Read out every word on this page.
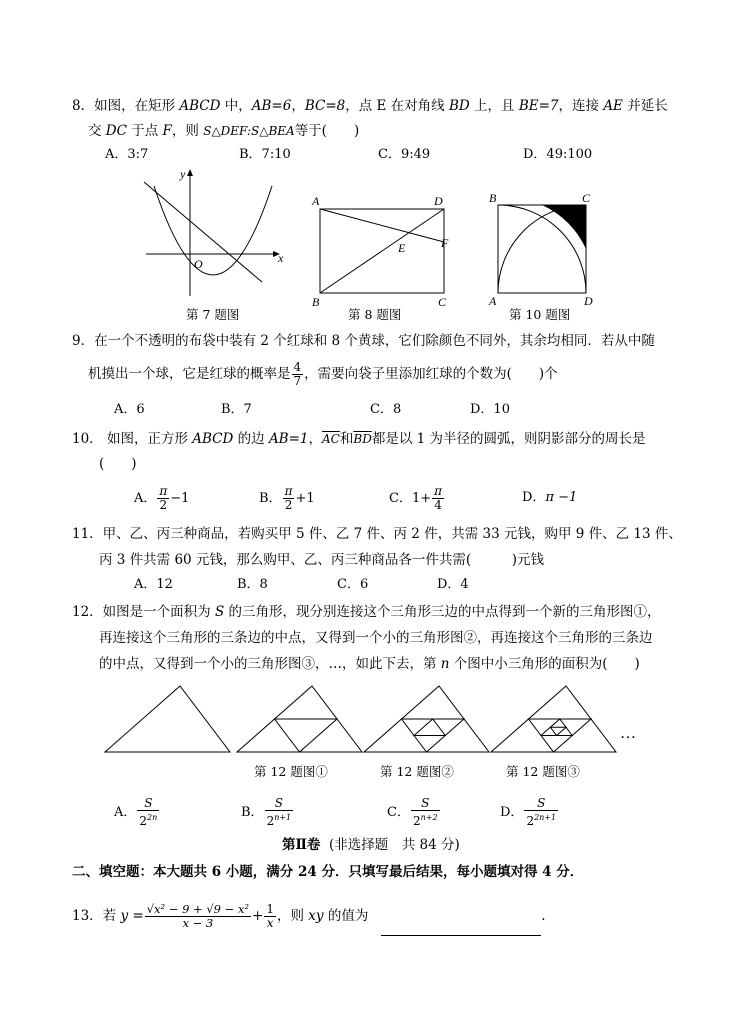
8．如图，在矩形 ABCD 中，AB=6，BC=8，点 E 在对角线 BD 上，且 BE=7，连接 AE 并延长
交 DC 于点 F，则 S△DEF:S△BEA等于(　　)
A．3:7	B．7:10	C．9:49	D．49:100
y
x
O
第 7 题图
A	D
B	C
E	F
第 8 题图
B	C
A	D
第 10 题图
9．在一个不透明的布袋中装有 2 个红球和 8 个黄球，它们除颜色不同外，其余均相同．若从中随
机摸出一个球，它是红球的概率是 $\frac{4}{7}$ ，需要向袋子里添加红球的个数为(　　)个
A．6	B．7	C．8	D．10
10． 如图，正方形 ABCD 的边 AB=1，$\overline{AC}$和$\overline{BD}$都是以 1 为半径的圆弧，则阴影部分的周长是
(　　)
A． $\frac{\pi}{2} -1$	B． $\frac{\pi}{2} +1$	C．$1+ \frac{\pi}{4}$	D．π −1
11．甲、乙、丙三种商品，若购买甲 5 件、乙 7 件、丙 2 件，共需 33 元钱，购甲 9 件、乙 13 件、
丙 3 件共需 60 元钱，那么购甲、乙、丙三种商品各一件共需(　　　)元钱
A．12	B．8	C．6	D．4
12．如图是一个面积为 S 的三角形，现分别连接这个三角形三边的中点得到一个新的三角形图①，
再连接这个三角形的三条边的中点，又得到一个小的三角形图②，再连接这个三角形的三条边
的中点，又得到一个小的三角形图③，…，如此下去，第 n 个图中小三角形的面积为(　　)
…
第 12 题图①	第 12 题图②	第 12 题图③
A． $\frac{S}{2^{2n}}$	B． $\frac{S}{2^{n+1}}$	C． $\frac{S}{2^{n+2}}$	D． $\frac{S}{2^{2n+1}}$
第Ⅱ卷 (非选择题　共 84 分)
二、填空题：本大题共 6 小题，满分 24 分．只填写最后结果，每小题填对得 4 分．
13．若 $y = \frac{\text{√x² − 9 + √9 − x²}}{x - 3} + \frac{1}{x}$ ，则 xy 的值为	.
